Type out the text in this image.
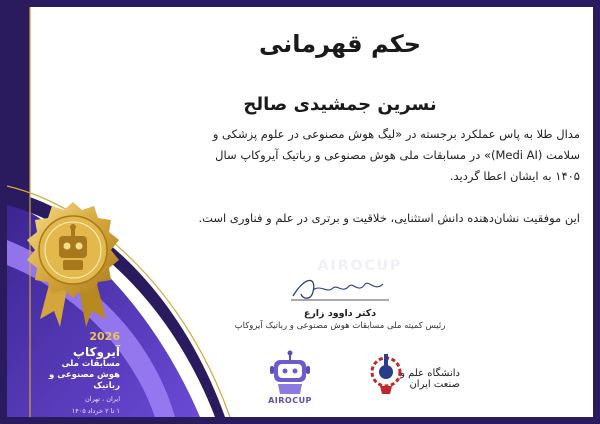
حکم قهرمانی
نسرین جمشیدی صالح
مدال طلا به پاس عملکرد برجسته در «لیگ هوش مصنوعی در علوم پزشکی و سلامت (Medi AI)» در مسابقات ملی هوش مصنوعی و رباتیک آیروکاپ سال ۱۴۰۵ به ایشان اعطا گردید.
این موفقیت نشان‌دهنده دانش استثنایی، خلاقیت و برتری در علم و فناوری است.
AIROCUP
دکتر داوود زارع
رئیس کمیته ملی مسابقات هوش مصنوعی و رباتیک آیروکاپ
2026
آیروکاپ
مسابقات ملی
هوش مصنوعی و رباتیک
ایران ، تهران
۱ تا ۲ خرداد ۱۴۰۵
AIROCUP
دانشگاه علم و صنعت ایران
